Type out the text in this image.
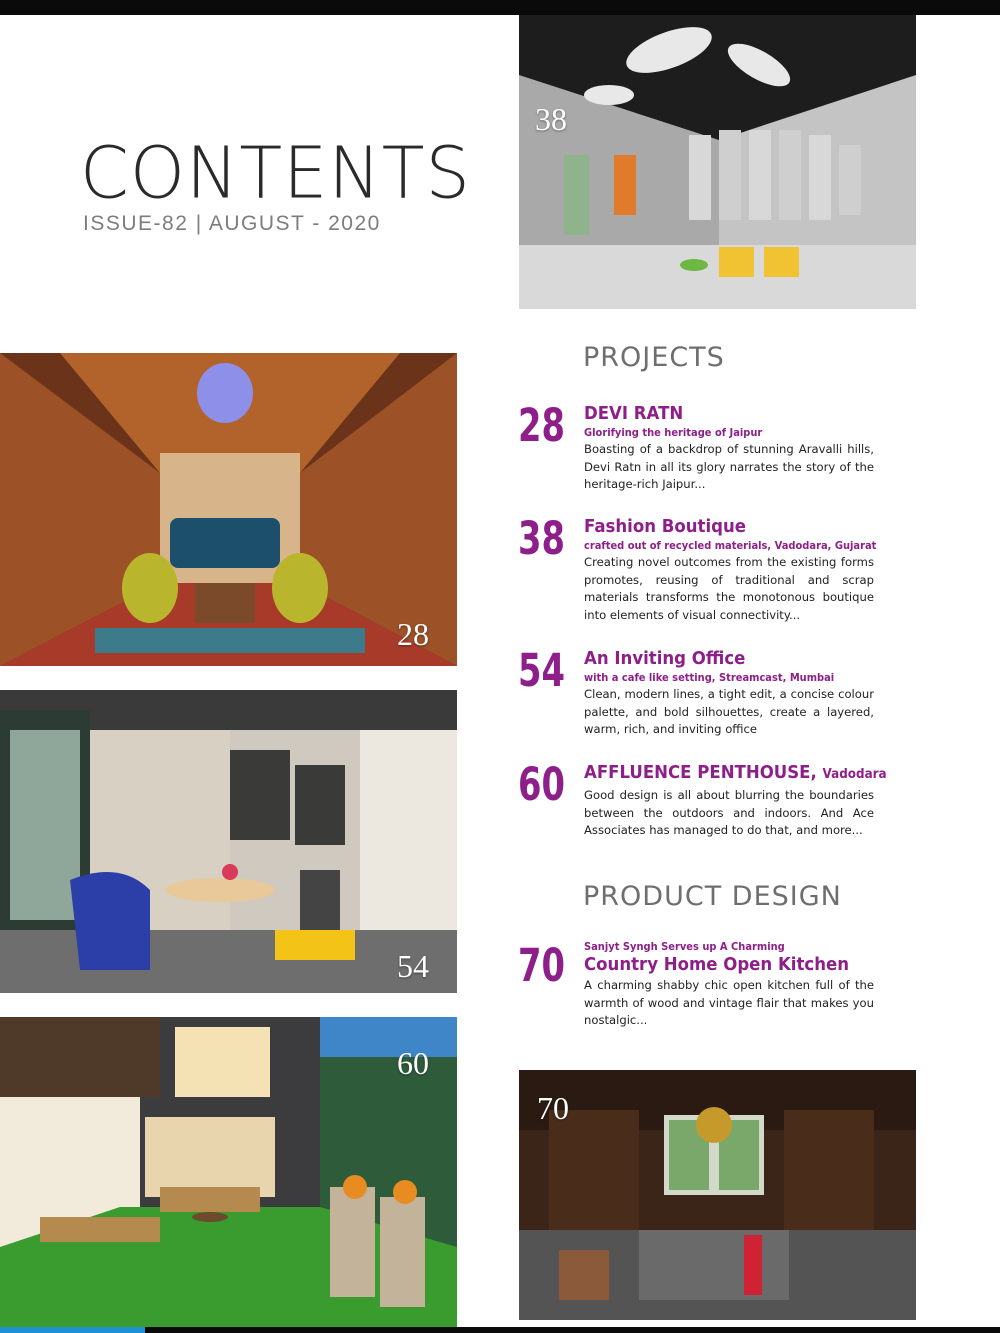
CONTENTS
ISSUE-82 | AUGUST - 2020
38
28
54
60
70
PROJECTS
PRODUCT DESIGN
28 DEVI RATN
Glorifying the heritage of Jaipur
Boasting of a backdrop of stunning Aravalli hills, Devi Ratn in all its glory narrates the story of the heritage-rich Jaipur...
38 Fashion Boutique
crafted out of recycled materials, Vadodara, Gujarat
Creating novel outcomes from the existing forms promotes, reusing of traditional and scrap materials transforms the monotonous boutique into elements of visual connectivity...
54 An Inviting Office
with a cafe like setting, Streamcast, Mumbai
Clean, modern lines, a tight edit, a concise colour palette, and bold silhouettes, create a layered, warm, rich, and inviting office
60 AFFLUENCE PENTHOUSE, Vadodara
Good design is all about blurring the boundaries between the outdoors and indoors. And Ace Associates has managed to do that, and more...
70 Sanjyt Syngh Serves up A Charming
Country Home Open Kitchen
A charming shabby chic open kitchen full of the warmth of wood and vintage flair that makes you nostalgic...
